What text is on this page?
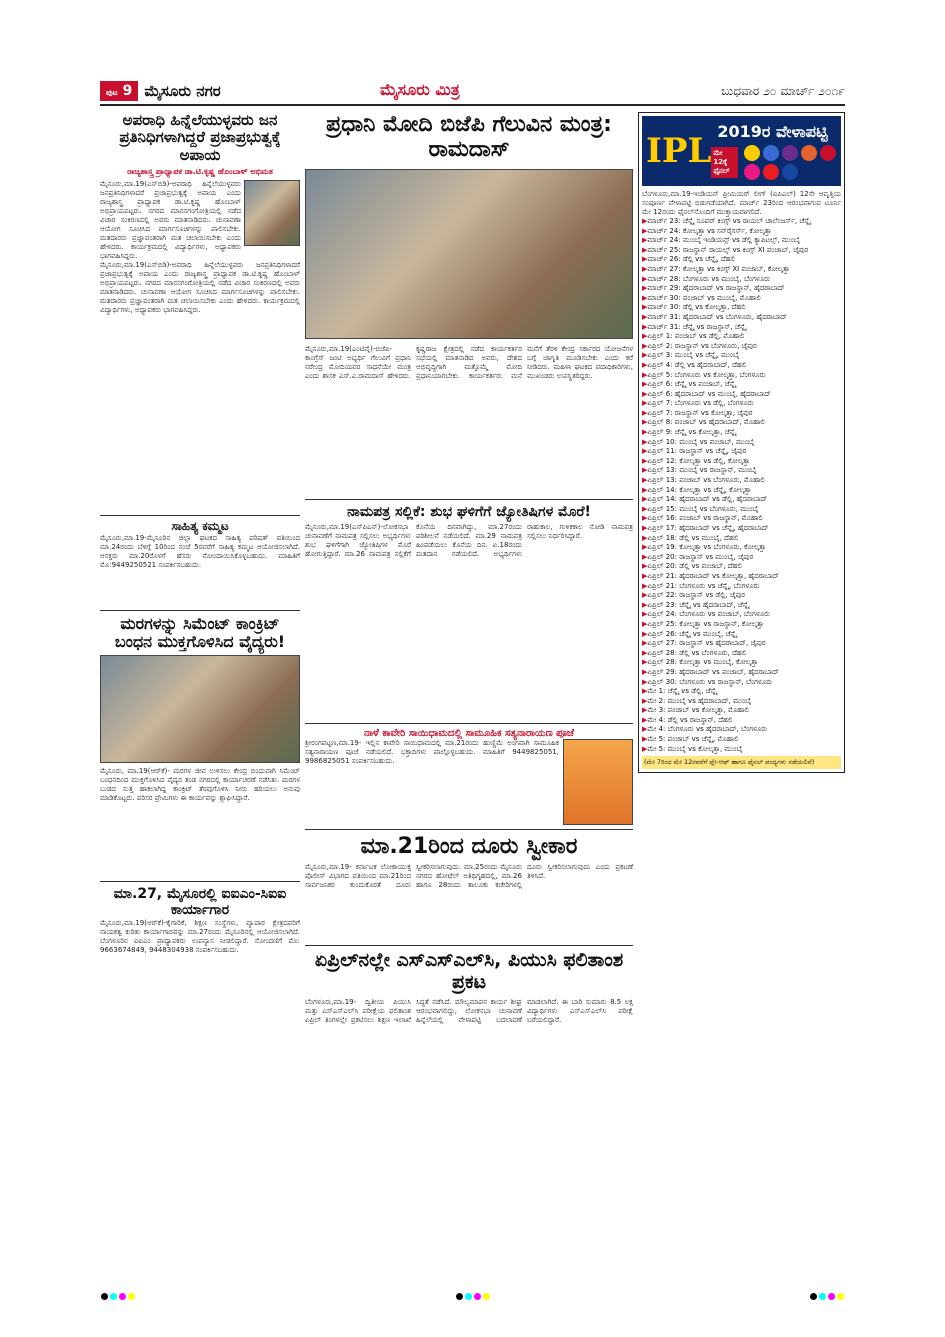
ಪುಟ 9 ಮೈಸೂರು ನಗರ	ಮೈಸೂರು ಮಿತ್ರ	ಬುಧವಾರ ೨೦ ಮಾರ್ಚ್ ೨೦೧೯
ಅಪರಾಧಿ ಹಿನ್ನೆಲೆಯುಳ್ಳವರು ಜನ ಪ್ರತಿನಿಧಿಗಳಾಗಿದ್ದರೆ ಪ್ರಜಾಪ್ರಭುತ್ವಕ್ಕೆ ಅಪಾಯ
ರಾಜ್ಯಶಾಸ್ತ್ರ ಪ್ರಾಧ್ಯಾಪಕ ಡಾ.ಟಿ.ಕೃಷ್ಣ ಹೊಂಬಾಳ್ ಅಭಿಮತ
ಮೈಸೂರು,ಮಾ.19(ಎಸ್‌ಬಿಡಿ)-ಅಪರಾಧಿ ಹಿನ್ನೆಲೆಯುಳ್ಳವರು ಜನಪ್ರತಿನಿಧಿಗಳಾದರೆ ಪ್ರಜಾಪ್ರಭುತ್ವಕ್ಕೆ ಅಪಾಯ ಎಂದು ರಾಜ್ಯಶಾಸ್ತ್ರ ಪ್ರಾಧ್ಯಾಪಕ ಡಾ.ಟಿ.ಕೃಷ್ಣ ಹೊಂಬಾಳ್ ಅಭಿಪ್ರಾಯಪಟ್ಟರು. ನಗರದ ಮಾನಸಗಂಗೋತ್ರಿಯಲ್ಲಿ ನಡೆದ ವಿಚಾರ ಸಂಕಿರಣದಲ್ಲಿ ಅವರು ಮಾತನಾಡಿದರು. ಚುನಾವಣಾ ಆಯೋಗ ಸೂಚಿಸಿದ ಮಾರ್ಗಸೂಚಿಗಳನ್ನು ಪಾಲಿಸಬೇಕು. ಮತದಾರರು ಪ್ರಜ್ಞಾವಂತರಾಗಿ ಮತ ಚಲಾಯಿಸಬೇಕು ಎಂದು ಹೇಳಿದರು. ಕಾರ್ಯಕ್ರಮದಲ್ಲಿ ವಿದ್ಯಾರ್ಥಿಗಳು, ಅಧ್ಯಾಪಕರು ಭಾಗವಹಿಸಿದ್ದರು.
ಮೈಸೂರು,ಮಾ.19(ಎಸ್‌ಬಿಡಿ)-ಅಪರಾಧಿ ಹಿನ್ನೆಲೆಯುಳ್ಳವರು ಜನಪ್ರತಿನಿಧಿಗಳಾದರೆ ಪ್ರಜಾಪ್ರಭುತ್ವಕ್ಕೆ ಅಪಾಯ ಎಂದು ರಾಜ್ಯಶಾಸ್ತ್ರ ಪ್ರಾಧ್ಯಾಪಕ ಡಾ.ಟಿ.ಕೃಷ್ಣ ಹೊಂಬಾಳ್ ಅಭಿಪ್ರಾಯಪಟ್ಟರು. ನಗರದ ಮಾನಸಗಂಗೋತ್ರಿಯಲ್ಲಿ ನಡೆದ ವಿಚಾರ ಸಂಕಿರಣದಲ್ಲಿ ಅವರು ಮಾತನಾಡಿದರು. ಚುನಾವಣಾ ಆಯೋಗ ಸೂಚಿಸಿದ ಮಾರ್ಗಸೂಚಿಗಳನ್ನು ಪಾಲಿಸಬೇಕು. ಮತದಾರರು ಪ್ರಜ್ಞಾವಂತರಾಗಿ ಮತ ಚಲಾಯಿಸಬೇಕು ಎಂದು ಹೇಳಿದರು. ಕಾರ್ಯಕ್ರಮದಲ್ಲಿ ವಿದ್ಯಾರ್ಥಿಗಳು, ಅಧ್ಯಾಪಕರು ಭಾಗವಹಿಸಿದ್ದರು.
ಸಾಹಿತ್ಯ ಕಮ್ಮಟ
ಮೈಸೂರು,ಮಾ.19-ಮೈಸೂರಿನ ಜಿಲ್ಲಾ ಘಟಕದ ಸಾಹಿತ್ಯ ಪರಿಷತ್ ವತಿಯಿಂದ ಮಾ.24ರಂದು ಬೆಳಿಗ್ಗೆ 10ರಿಂದ ಸಂಜೆ 5ರವರೆಗೆ ಸಾಹಿತ್ಯ ಕಮ್ಮಟ ಆಯೋಜಿಸಲಾಗಿದೆ. ಆಸಕ್ತರು ಮಾ.20ರೊಳಗೆ ಹೆಸರು ನೋಂದಾಯಿಸಿಕೊಳ್ಳಬಹುದು. ಮಾಹಿತಿಗೆ ಮೊ:9449250521 ಸಂಪರ್ಕಿಸಬಹುದು.
ಮರಗಳನ್ನು ಸಿಮೆಂಟ್ ಕಾಂಕ್ರಿಟ್ ಬಂಧನ ಮುಕ್ತಗೊಳಿಸಿದ ವೈದ್ಯರು!
ಮೈಸೂರು, ಮಾ.19(ಆರ್‌ಕೆ)- ಮರಗಳ ಜೀವ ಉಳಿಸಲು ಕೇಂದ್ರ ಬಿಂದುವಾಗಿ ಸಿಮೆಂಟ್ ಬಂಧನದಿಂದ ಮುಕ್ತಗೊಳಿಸಿದ ವೈದ್ಯರ ತಂಡ ನಗರದಲ್ಲಿ ಕಾರ್ಯಾಚರಣೆ ನಡೆಸಿತು. ಮರಗಳ ಬುಡದ ಸುತ್ತ ಹಾಕಲಾಗಿದ್ದ ಕಾಂಕ್ರಿಟ್ ತೆರವುಗೊಳಿಸಿ ನೀರು ಹರಿಯಲು ಅನುವು ಮಾಡಿಕೊಟ್ಟರು. ಪರಿಸರ ಪ್ರೇಮಿಗಳು ಈ ಕಾರ್ಯವನ್ನು ಶ್ಲಾಘಿಸಿದ್ದಾರೆ.
ಮಾ.27, ಮೈಸೂರಲ್ಲಿ ಐಐಎಂ-ಸಿಐಐ ಕಾರ್ಯಾಗಾರ
ಮೈಸೂರು,ಮಾ.19(ಆರ್‌ಕೆ)-ಕೈಗಾರಿಕೆ, ಶಿಕ್ಷಣ ಸಂಸ್ಥೆಗಳು, ವ್ಯಾಪಾರ ಕ್ಷೇತ್ರದವರಿಗೆ ನಾಯಕತ್ವ ಕುರಿತು ಕಾರ್ಯಾಗಾರವನ್ನು ಮಾ.27ರಂದು ಮೈಸೂರಿನಲ್ಲಿ ಆಯೋಜಿಸಲಾಗಿದೆ. ಬೆಂಗಳೂರಿನ ಐಐಎಂ ಪ್ರಾಧ್ಯಾಪಕರು ಉಪನ್ಯಾಸ ನೀಡಲಿದ್ದಾರೆ. ನೋಂದಣಿಗೆ ಮೊ: 9663674849, 9448304938 ಸಂಪರ್ಕಿಸಬಹುದು.
ಪ್ರಧಾನಿ ಮೋದಿ ಬಿಜೆಪಿ ಗೆಲುವಿನ ಮಂತ್ರ: ರಾಮದಾಸ್
ಮೈಸೂರು,ಮಾ.19(ಎಂಟಿವೈ)-ಬಿಜೆಪಿ-ಕಾಂಗ್ರೆಸ್ ಜಂಟಿ ಅಭ್ಯರ್ಥಿ ಗೆಲುವಿಗೆ ಪ್ರಧಾನಿ ನರೇಂದ್ರ ಮೋದಿಯವರ ಸಾಧನೆಯೇ ಮಂತ್ರ ಎಂದು ಶಾಸಕ ಎಸ್.ಎ.ರಾಮದಾಸ್ ಹೇಳಿದರು. ಕೃಷ್ಣರಾಜ ಕ್ಷೇತ್ರದಲ್ಲಿ ನಡೆದ ಕಾರ್ಯಕರ್ತರ ಸಭೆಯಲ್ಲಿ ಮಾತನಾಡಿದ ಅವರು, ದೇಶದ ಅಭಿವೃದ್ಧಿಗಾಗಿ ಮತ್ತೊಮ್ಮೆ ಮೋದಿ ಪ್ರಧಾನಿಯಾಗಬೇಕು. ಕಾರ್ಯಕರ್ತರು ಮನೆ ಮನೆಗೆ ತೆರಳಿ ಕೇಂದ್ರ ಸರ್ಕಾರದ ಯೋಜನೆಗಳ ಬಗ್ಗೆ ಜಾಗೃತಿ ಮೂಡಿಸಬೇಕು ಎಂದು ಕರೆ ನೀಡಿದರು. ಮಹಿಳಾ ಘಟಕದ ಪದಾಧಿಕಾರಿಗಳು, ಮುಖಂಡರು ಉಪಸ್ಥಿತರಿದ್ದರು.
ನಾಮಪತ್ರ ಸಲ್ಲಿಕೆ: ಶುಭ ಘಳಿಗೆಗೆ ಜ್ಯೋತಿಷಿಗಳ ಮೊರೆ!
ಮೈಸೂರು,ಮಾ.19(ಎಸ್‌ಪಿಎನ್)-ಲೋಕಸಭಾ ಚುನಾವಣೆಗೆ ನಾಮಪತ್ರ ಸಲ್ಲಿಸಲು ಅಭ್ಯರ್ಥಿಗಳು ಶುಭ ಘಳಿಗೆಗಾಗಿ ಜ್ಯೋತಿಷಿಗಳ ಮೊರೆ ಹೋಗುತ್ತಿದ್ದಾರೆ. ಮಾ.26 ನಾಮಪತ್ರ ಸಲ್ಲಿಕೆಗೆ ಕೊನೆಯ ದಿನವಾಗಿದ್ದು, ಮಾ.27ರಂದು ಪರಿಶೀಲನೆ ನಡೆಯಲಿದೆ. ಮಾ.29 ನಾಮಪತ್ರ ಹಿಂಪಡೆಯಲು ಕೊನೆಯ ದಿನ. ಏ.18ರಂದು ಮತದಾನ ನಡೆಯಲಿದೆ. ಅಭ್ಯರ್ಥಿಗಳು ರಾಹುಕಾಲ, ಗುಳಿಕಕಾಲ ನೋಡಿ ನಾಮಪತ್ರ ಸಲ್ಲಿಸಲು ನಿರ್ಧರಿಸಿದ್ದಾರೆ.
ನಾಳೆ ಕಾವೇರಿ ಸಾಯಿಧಾಮದಲ್ಲಿ ಸಾಮೂಹಿಕ ಸತ್ಯನಾರಾಯಣ ಪೂಜೆ
ಶ್ರೀರಂಗಪಟ್ಟಣ,ಮಾ.19- ಇಲ್ಲಿನ ಕಾವೇರಿ ಸಾಯಿಧಾಮದಲ್ಲಿ ಮಾ.21ರಂದು ಹುಣ್ಣಿಮೆ ಅಂಗವಾಗಿ ಸಾಮೂಹಿಕ ಸತ್ಯನಾರಾಯಣ ಪೂಜೆ ನಡೆಯಲಿದೆ. ಭಕ್ತಾದಿಗಳು ಪಾಲ್ಗೊಳ್ಳಬಹುದು. ಮಾಹಿತಿಗೆ 9449825051, 9986825051 ಸಂಪರ್ಕಿಸಬಹುದು.
ಮಾ.21ರಿಂದ ದೂರು ಸ್ವೀಕಾರ
ಮೈಸೂರು,ಮಾ.19- ಕರ್ನಾಟಕ ಲೋಕಾಯುಕ್ತ ಪೊಲೀಸ್ ವಿಭಾಗದ ವತಿಯಿಂದ ಮಾ.21ರಿಂದ ಸಾರ್ವಜನಿಕರ ಕುಂದುಕೊರತೆ ದೂರು ಸ್ವೀಕರಿಸಲಾಗುವುದು. ಮಾ.25ರಂದು ಮೈಸೂರು ನಗರದ ಹೋಟೆಲ್ ಅತಿಥಿಗೃಹದಲ್ಲಿ, ಮಾ.26 ಹಾಗೂ 28ರಂದು ತಾಲೂಕು ಕಚೇರಿಗಳಲ್ಲಿ ದೂರು ಸ್ವೀಕರಿಸಲಾಗುವುದು ಎಂದು ಪ್ರಕಟಣೆ ತಿಳಿಸಿದೆ.
ಏಪ್ರಿಲ್‌ನಲ್ಲೇ ಎಸ್‌ಎಸ್‌ಎಲ್‌ಸಿ, ಪಿಯುಸಿ ಫಲಿತಾಂಶ ಪ್ರಕಟ
ಬೆಂಗಳೂರು,ಮಾ.19- ದ್ವಿತೀಯ ಪಿಯುಸಿ ಮತ್ತು ಎಸ್‌ಎಸ್‌ಎಲ್‌ಸಿ ಪರೀಕ್ಷೆಯ ಫಲಿತಾಂಶ ಏಪ್ರಿಲ್ ತಿಂಗಳಲ್ಲೇ ಪ್ರಕಟಿಸಲು ಶಿಕ್ಷಣ ಇಲಾಖೆ ಸಿದ್ಧತೆ ನಡೆಸಿದೆ. ಮೌಲ್ಯಮಾಪನ ಕಾರ್ಯ ಶೀಘ್ರ ಆರಂಭವಾಗಲಿದ್ದು, ಲೋಕಸಭಾ ಚುನಾವಣೆ ಹಿನ್ನೆಲೆಯಲ್ಲಿ ವೇಳಾಪಟ್ಟಿ ಬದಲಾವಣೆ ಮಾಡಲಾಗಿದೆ. ಈ ಬಾರಿ ಸುಮಾರು 8.5 ಲಕ್ಷ ವಿದ್ಯಾರ್ಥಿಗಳು ಎಸ್‌ಎಸ್‌ಎಲ್‌ಸಿ ಪರೀಕ್ಷೆ ಬರೆಯಲಿದ್ದಾರೆ.
IPL 2019ರ ವೇಳಾಪಟ್ಟಿ
ಮೇ 12ಕ್ಕೆ ಫೈನಲ್
ಬೆಂಗಳೂರು,ಮಾ.19-ಇಂಡಿಯನ್ ಪ್ರೀಮಿಯರ್ ಲೀಗ್ (ಐಪಿಎಲ್) 12ನೇ ಆವೃತ್ತಿಯ ಸಂಪೂರ್ಣ ವೇಳಾಪಟ್ಟಿ ಬಿಡುಗಡೆಯಾಗಿದೆ. ಮಾರ್ಚ್ 23ರಿಂದ ಆರಂಭವಾಗುವ ಟೂರ್ನಿ ಮೇ 12ರಂದು ಫೈನಲ್‌ನೊಂದಿಗೆ ಮುಕ್ತಾಯವಾಗಲಿದೆ.
▶ ಮಾರ್ಚ್ 23: ಚೆನ್ನೈ ಸೂಪರ್ ಕಿಂಗ್ಸ್ vs ರಾಯಲ್ ಚಾಲೆಂಜರ್ಸ್, ಚೆನ್ನೈ
▶ ಮಾರ್ಚ್ 24: ಕೋಲ್ಕತ್ತಾ vs ಸನ್‌ರೈಸರ್ಸ್, ಕೋಲ್ಕತ್ತಾ
▶ ಮಾರ್ಚ್ 24: ಮುಂಬೈ ಇಂಡಿಯನ್ಸ್ vs ಡೆಲ್ಲಿ ಕ್ಯಾಪಿಟಲ್ಸ್, ಮುಂಬೈ
▶ ಮಾರ್ಚ್ 25: ರಾಜಸ್ಥಾನ್ ರಾಯಲ್ಸ್ vs ಕಿಂಗ್ಸ್ XI ಪಂಜಾಬ್, ಜೈಪುರ
▶ ಮಾರ್ಚ್ 26: ಡೆಲ್ಲಿ vs ಚೆನ್ನೈ, ದೆಹಲಿ
▶ ಮಾರ್ಚ್ 27: ಕೋಲ್ಕತ್ತಾ vs ಕಿಂಗ್ಸ್ XI ಪಂಜಾಬ್, ಕೋಲ್ಕತ್ತಾ
▶ ಮಾರ್ಚ್ 28: ಬೆಂಗಳೂರು vs ಮುಂಬೈ, ಬೆಂಗಳೂರು
▶ ಮಾರ್ಚ್ 29: ಹೈದರಾಬಾದ್ vs ರಾಜಸ್ಥಾನ್, ಹೈದರಾಬಾದ್
▶ ಮಾರ್ಚ್ 30: ಪಂಜಾಬ್ vs ಮುಂಬೈ, ಮೊಹಾಲಿ
▶ ಮಾರ್ಚ್ 30: ಡೆಲ್ಲಿ vs ಕೋಲ್ಕತ್ತಾ, ದೆಹಲಿ
▶ ಮಾರ್ಚ್ 31: ಹೈದರಾಬಾದ್ vs ಬೆಂಗಳೂರು, ಹೈದರಾಬಾದ್
▶ ಮಾರ್ಚ್ 31: ಚೆನ್ನೈ vs ರಾಜಸ್ಥಾನ್, ಚೆನ್ನೈ
▶ ಏಪ್ರಿಲ್ 1: ಪಂಜಾಬ್ vs ಡೆಲ್ಲಿ, ಮೊಹಾಲಿ
▶ ಏಪ್ರಿಲ್ 2: ರಾಜಸ್ಥಾನ್ vs ಬೆಂಗಳೂರು, ಜೈಪುರ
▶ ಏಪ್ರಿಲ್ 3: ಮುಂಬೈ vs ಚೆನ್ನೈ, ಮುಂಬೈ
▶ ಏಪ್ರಿಲ್ 4: ಡೆಲ್ಲಿ vs ಹೈದರಾಬಾದ್, ದೆಹಲಿ
▶ ಏಪ್ರಿಲ್ 5: ಬೆಂಗಳೂರು vs ಕೋಲ್ಕತ್ತಾ, ಬೆಂಗಳೂರು
▶ ಏಪ್ರಿಲ್ 6: ಚೆನ್ನೈ vs ಪಂಜಾಬ್, ಚೆನ್ನೈ
▶ ಏಪ್ರಿಲ್ 6: ಹೈದರಾಬಾದ್ vs ಮುಂಬೈ, ಹೈದರಾಬಾದ್
▶ ಏಪ್ರಿಲ್ 7: ಬೆಂಗಳೂರು vs ಡೆಲ್ಲಿ, ಬೆಂಗಳೂರು
▶ ಏಪ್ರಿಲ್ 7: ರಾಜಸ್ಥಾನ್ vs ಕೋಲ್ಕತ್ತಾ, ಜೈಪುರ
▶ ಏಪ್ರಿಲ್ 8: ಪಂಜಾಬ್ vs ಹೈದರಾಬಾದ್, ಮೊಹಾಲಿ
▶ ಏಪ್ರಿಲ್ 9: ಚೆನ್ನೈ vs ಕೋಲ್ಕತ್ತಾ, ಚೆನ್ನೈ
▶ ಏಪ್ರಿಲ್ 10: ಮುಂಬೈ vs ಪಂಜಾಬ್, ಮುಂಬೈ
▶ ಏಪ್ರಿಲ್ 11: ರಾಜಸ್ಥಾನ್ vs ಚೆನ್ನೈ, ಜೈಪುರ
▶ ಏಪ್ರಿಲ್ 12: ಕೋಲ್ಕತ್ತಾ vs ಡೆಲ್ಲಿ, ಕೋಲ್ಕತ್ತಾ
▶ ಏಪ್ರಿಲ್ 13: ಮುಂಬೈ vs ರಾಜಸ್ಥಾನ್, ಮುಂಬೈ
▶ ಏಪ್ರಿಲ್ 13: ಪಂಜಾಬ್ vs ಬೆಂಗಳೂರು, ಮೊಹಾಲಿ
▶ ಏಪ್ರಿಲ್ 14: ಕೋಲ್ಕತ್ತಾ vs ಚೆನ್ನೈ, ಕೋಲ್ಕತ್ತಾ
▶ ಏಪ್ರಿಲ್ 14: ಹೈದರಾಬಾದ್ vs ಡೆಲ್ಲಿ, ಹೈದರಾಬಾದ್
▶ ಏಪ್ರಿಲ್ 15: ಮುಂಬೈ vs ಬೆಂಗಳೂರು, ಮುಂಬೈ
▶ ಏಪ್ರಿಲ್ 16: ಪಂಜಾಬ್ vs ರಾಜಸ್ಥಾನ್, ಮೊಹಾಲಿ
▶ ಏಪ್ರಿಲ್ 17: ಹೈದರಾಬಾದ್ vs ಚೆನ್ನೈ, ಹೈದರಾಬಾದ್
▶ ಏಪ್ರಿಲ್ 18: ಡೆಲ್ಲಿ vs ಮುಂಬೈ, ದೆಹಲಿ
▶ ಏಪ್ರಿಲ್ 19: ಕೋಲ್ಕತ್ತಾ vs ಬೆಂಗಳೂರು, ಕೋಲ್ಕತ್ತಾ
▶ ಏಪ್ರಿಲ್ 20: ರಾಜಸ್ಥಾನ್ vs ಮುಂಬೈ, ಜೈಪುರ
▶ ಏಪ್ರಿಲ್ 20: ಡೆಲ್ಲಿ vs ಪಂಜಾಬ್, ದೆಹಲಿ
▶ ಏಪ್ರಿಲ್ 21: ಹೈದರಾಬಾದ್ vs ಕೋಲ್ಕತ್ತಾ, ಹೈದರಾಬಾದ್
▶ ಏಪ್ರಿಲ್ 21: ಬೆಂಗಳೂರು vs ಚೆನ್ನೈ, ಬೆಂಗಳೂರು
▶ ಏಪ್ರಿಲ್ 22: ರಾಜಸ್ಥಾನ್ vs ಡೆಲ್ಲಿ, ಜೈಪುರ
▶ ಏಪ್ರಿಲ್ 23: ಚೆನ್ನೈ vs ಹೈದರಾಬಾದ್, ಚೆನ್ನೈ
▶ ಏಪ್ರಿಲ್ 24: ಬೆಂಗಳೂರು vs ಪಂಜಾಬ್, ಬೆಂಗಳೂರು
▶ ಏಪ್ರಿಲ್ 25: ಕೋಲ್ಕತ್ತಾ vs ರಾಜಸ್ಥಾನ್, ಕೋಲ್ಕತ್ತಾ
▶ ಏಪ್ರಿಲ್ 26: ಚೆನ್ನೈ vs ಮುಂಬೈ, ಚೆನ್ನೈ
▶ ಏಪ್ರಿಲ್ 27: ರಾಜಸ್ಥಾನ್ vs ಹೈದರಾಬಾದ್, ಜೈಪುರ
▶ ಏಪ್ರಿಲ್ 28: ಡೆಲ್ಲಿ vs ಬೆಂಗಳೂರು, ದೆಹಲಿ
▶ ಏಪ್ರಿಲ್ 28: ಕೋಲ್ಕತ್ತಾ vs ಮುಂಬೈ, ಕೋಲ್ಕತ್ತಾ
▶ ಏಪ್ರಿಲ್ 29: ಹೈದರಾಬಾದ್ vs ಪಂಜಾಬ್, ಹೈದರಾಬಾದ್
▶ ಏಪ್ರಿಲ್ 30: ಬೆಂಗಳೂರು vs ರಾಜಸ್ಥಾನ್, ಬೆಂಗಳೂರು
▶ ಮೇ 1: ಚೆನ್ನೈ vs ಡೆಲ್ಲಿ, ಚೆನ್ನೈ
▶ ಮೇ 2: ಮುಂಬೈ vs ಹೈದರಾಬಾದ್, ಮುಂಬೈ
▶ ಮೇ 3: ಪಂಜಾಬ್ vs ಕೋಲ್ಕತ್ತಾ, ಮೊಹಾಲಿ
▶ ಮೇ 4: ಡೆಲ್ಲಿ vs ರಾಜಸ್ಥಾನ್, ದೆಹಲಿ
▶ ಮೇ 4: ಬೆಂಗಳೂರು vs ಹೈದರಾಬಾದ್, ಬೆಂಗಳೂರು
▶ ಮೇ 5: ಪಂಜಾಬ್ vs ಚೆನ್ನೈ, ಮೊಹಾಲಿ
▶ ಮೇ 5: ಮುಂಬೈ vs ಕೋಲ್ಕತ್ತಾ, ಮುಂಬೈ
(ಮೇ 7ರಿಂದ ಮೇ 12ರವರೆಗೆ ಪ್ಲೇ-ಆಫ್ ಹಾಗೂ ಫೈನಲ್ ಪಂದ್ಯಗಳು ನಡೆಯಲಿವೆ)
